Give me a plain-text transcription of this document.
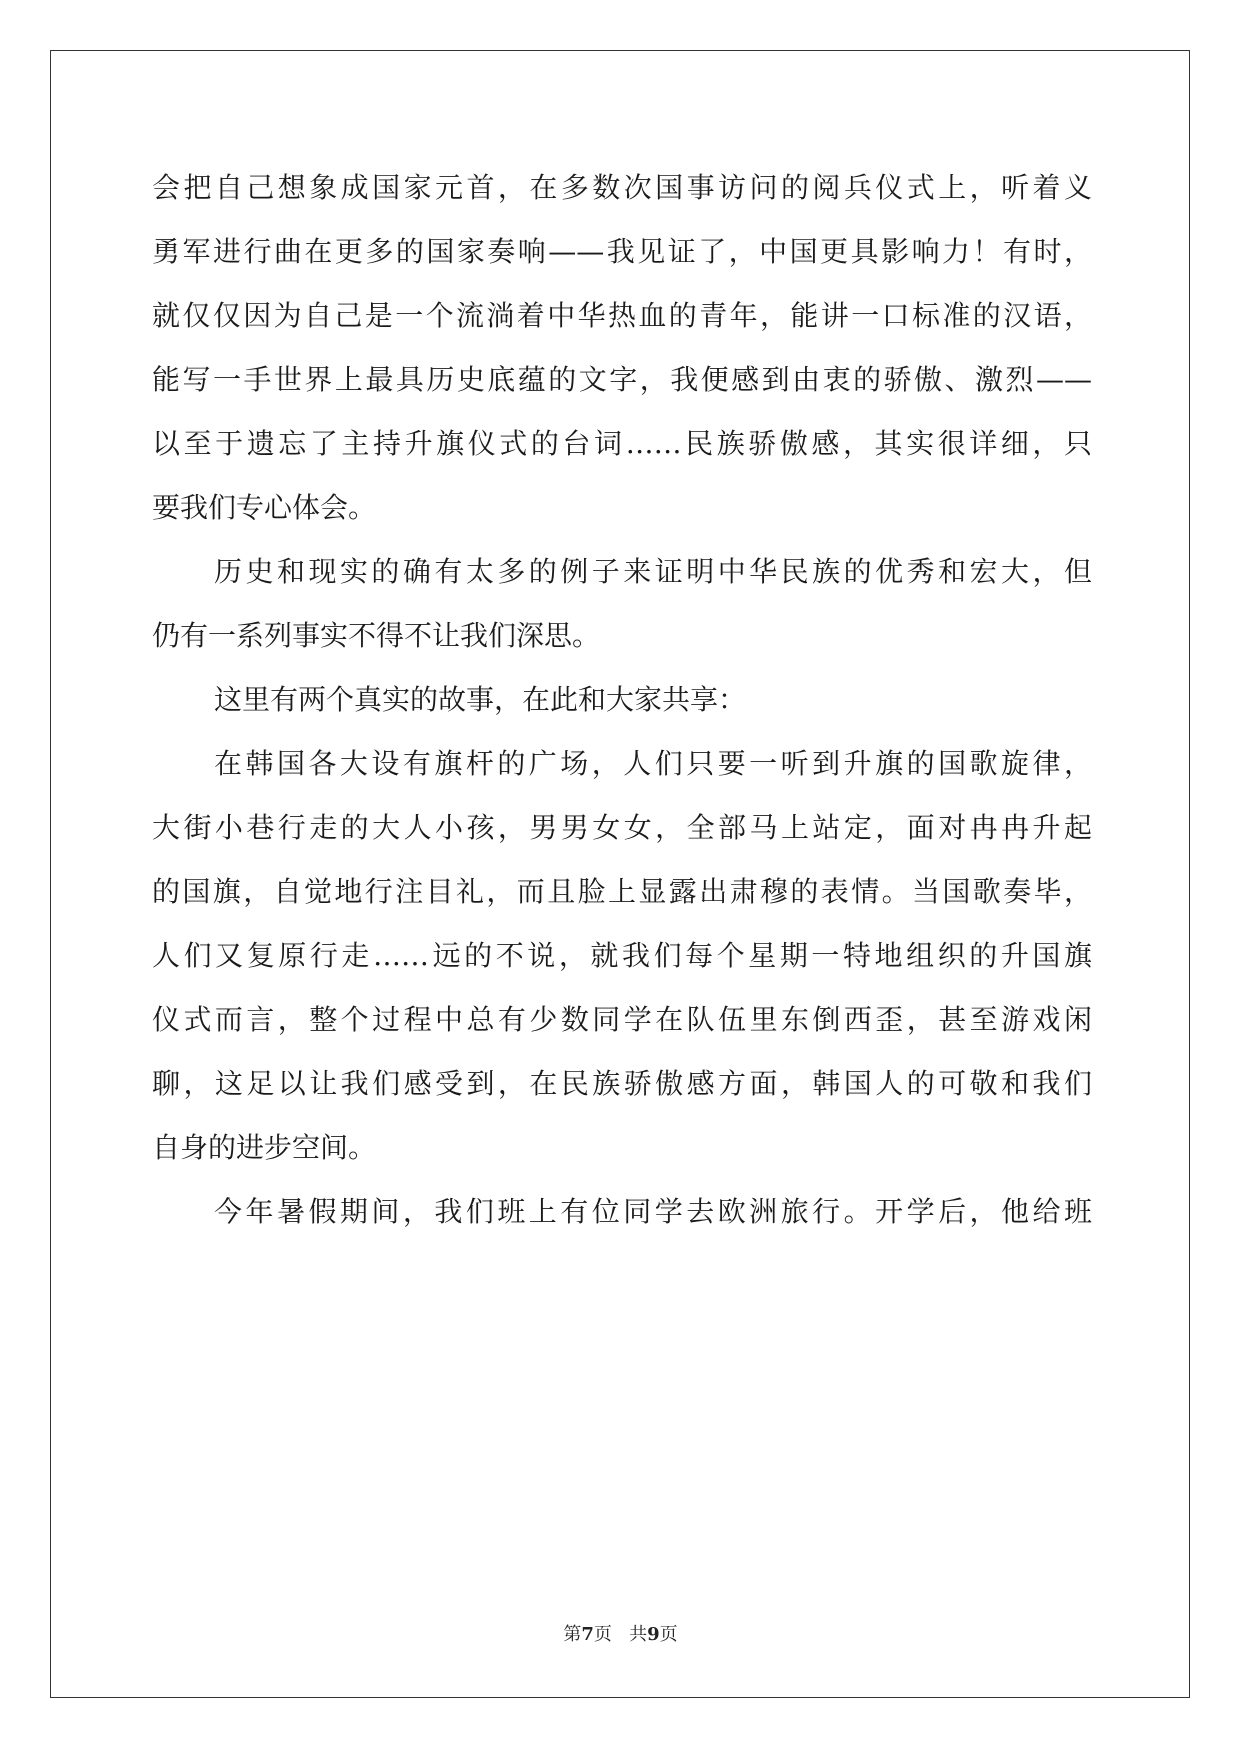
会把自己想象成国家元首，在多数次国事访问的阅兵仪式上，听着义

勇军进行曲在更多的国家奏响——我见证了，中国更具影响力！有时，

就仅仅因为自己是一个流淌着中华热血的青年，能讲一口标准的汉语，

能写一手世界上最具历史底蕴的文字，我便感到由衷的骄傲、激烈——

以至于遗忘了主持升旗仪式的台词……民族骄傲感，其实很详细，只

要我们专心体会。

历史和现实的确有太多的例子来证明中华民族的优秀和宏大，但

仍有一系列事实不得不让我们深思。

这里有两个真实的故事，在此和大家共享：

在韩国各大设有旗杆的广场，人们只要一听到升旗的国歌旋律，

大街小巷行走的大人小孩，男男女女，全部马上站定，面对冉冉升起

的国旗，自觉地行注目礼，而且脸上显露出肃穆的表情。当国歌奏毕，

人们又复原行走……远的不说，就我们每个星期一特地组织的升国旗

仪式而言，整个过程中总有少数同学在队伍里东倒西歪，甚至游戏闲

聊，这足以让我们感受到，在民族骄傲感方面，韩国人的可敬和我们

自身的进步空间。

今年暑假期间，我们班上有位同学去欧洲旅行。开学后，他给班

第7页 共9页
